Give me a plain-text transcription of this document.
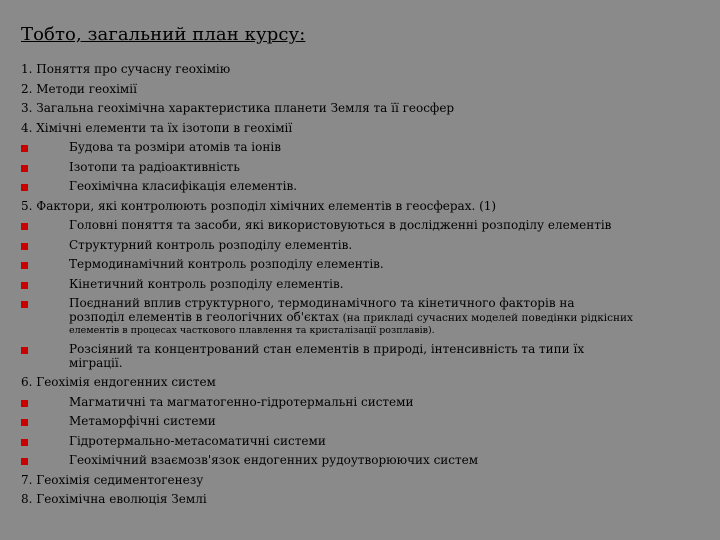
Тобто, загальний план курсу:
1. Поняття про сучасну геохімію
2. Методи геохімії
3. Загальна геохімічна характеристика планети Земля та її геосфер
4. Хімічні елементи та їх ізотопи в геохімії
Будова та розміри атомів та іонів
Ізотопи та радіоактивність
Геохімічна класифікація елементів.
5. Фактори, які контролюють розподіл хімічних елементів в геосферах. (1)
Головні поняття та засоби, які використовуються в дослідженні розподілу елементів
Структурний контроль розподілу елементів.
Термодинамічний контроль розподілу елементів.
Кінетичний контроль розподілу елементів.
Поєднаний вплив структурного, термодинамічного та кінетичного факторів на
розподіл елементів в геологічних об'єктах (на прикладі сучасних моделей поведінки рідкісних
елементів в процесах часткового плавлення та кристалізації розплавів).
Розсіяний та концентрований стан елементів в природі, інтенсивність та типи їх
міграції.
6. Геохімія ендогенних систем
Магматичні та магматогенно-гідротермальні системи
Метаморфічні системи
Гідротермально-метасоматичні системи
Геохімічний взаємозв'язок ендогенних рудоутворюючих систем
7. Геохімія седиментогенезу
8. Геохімічна еволюція Землі
